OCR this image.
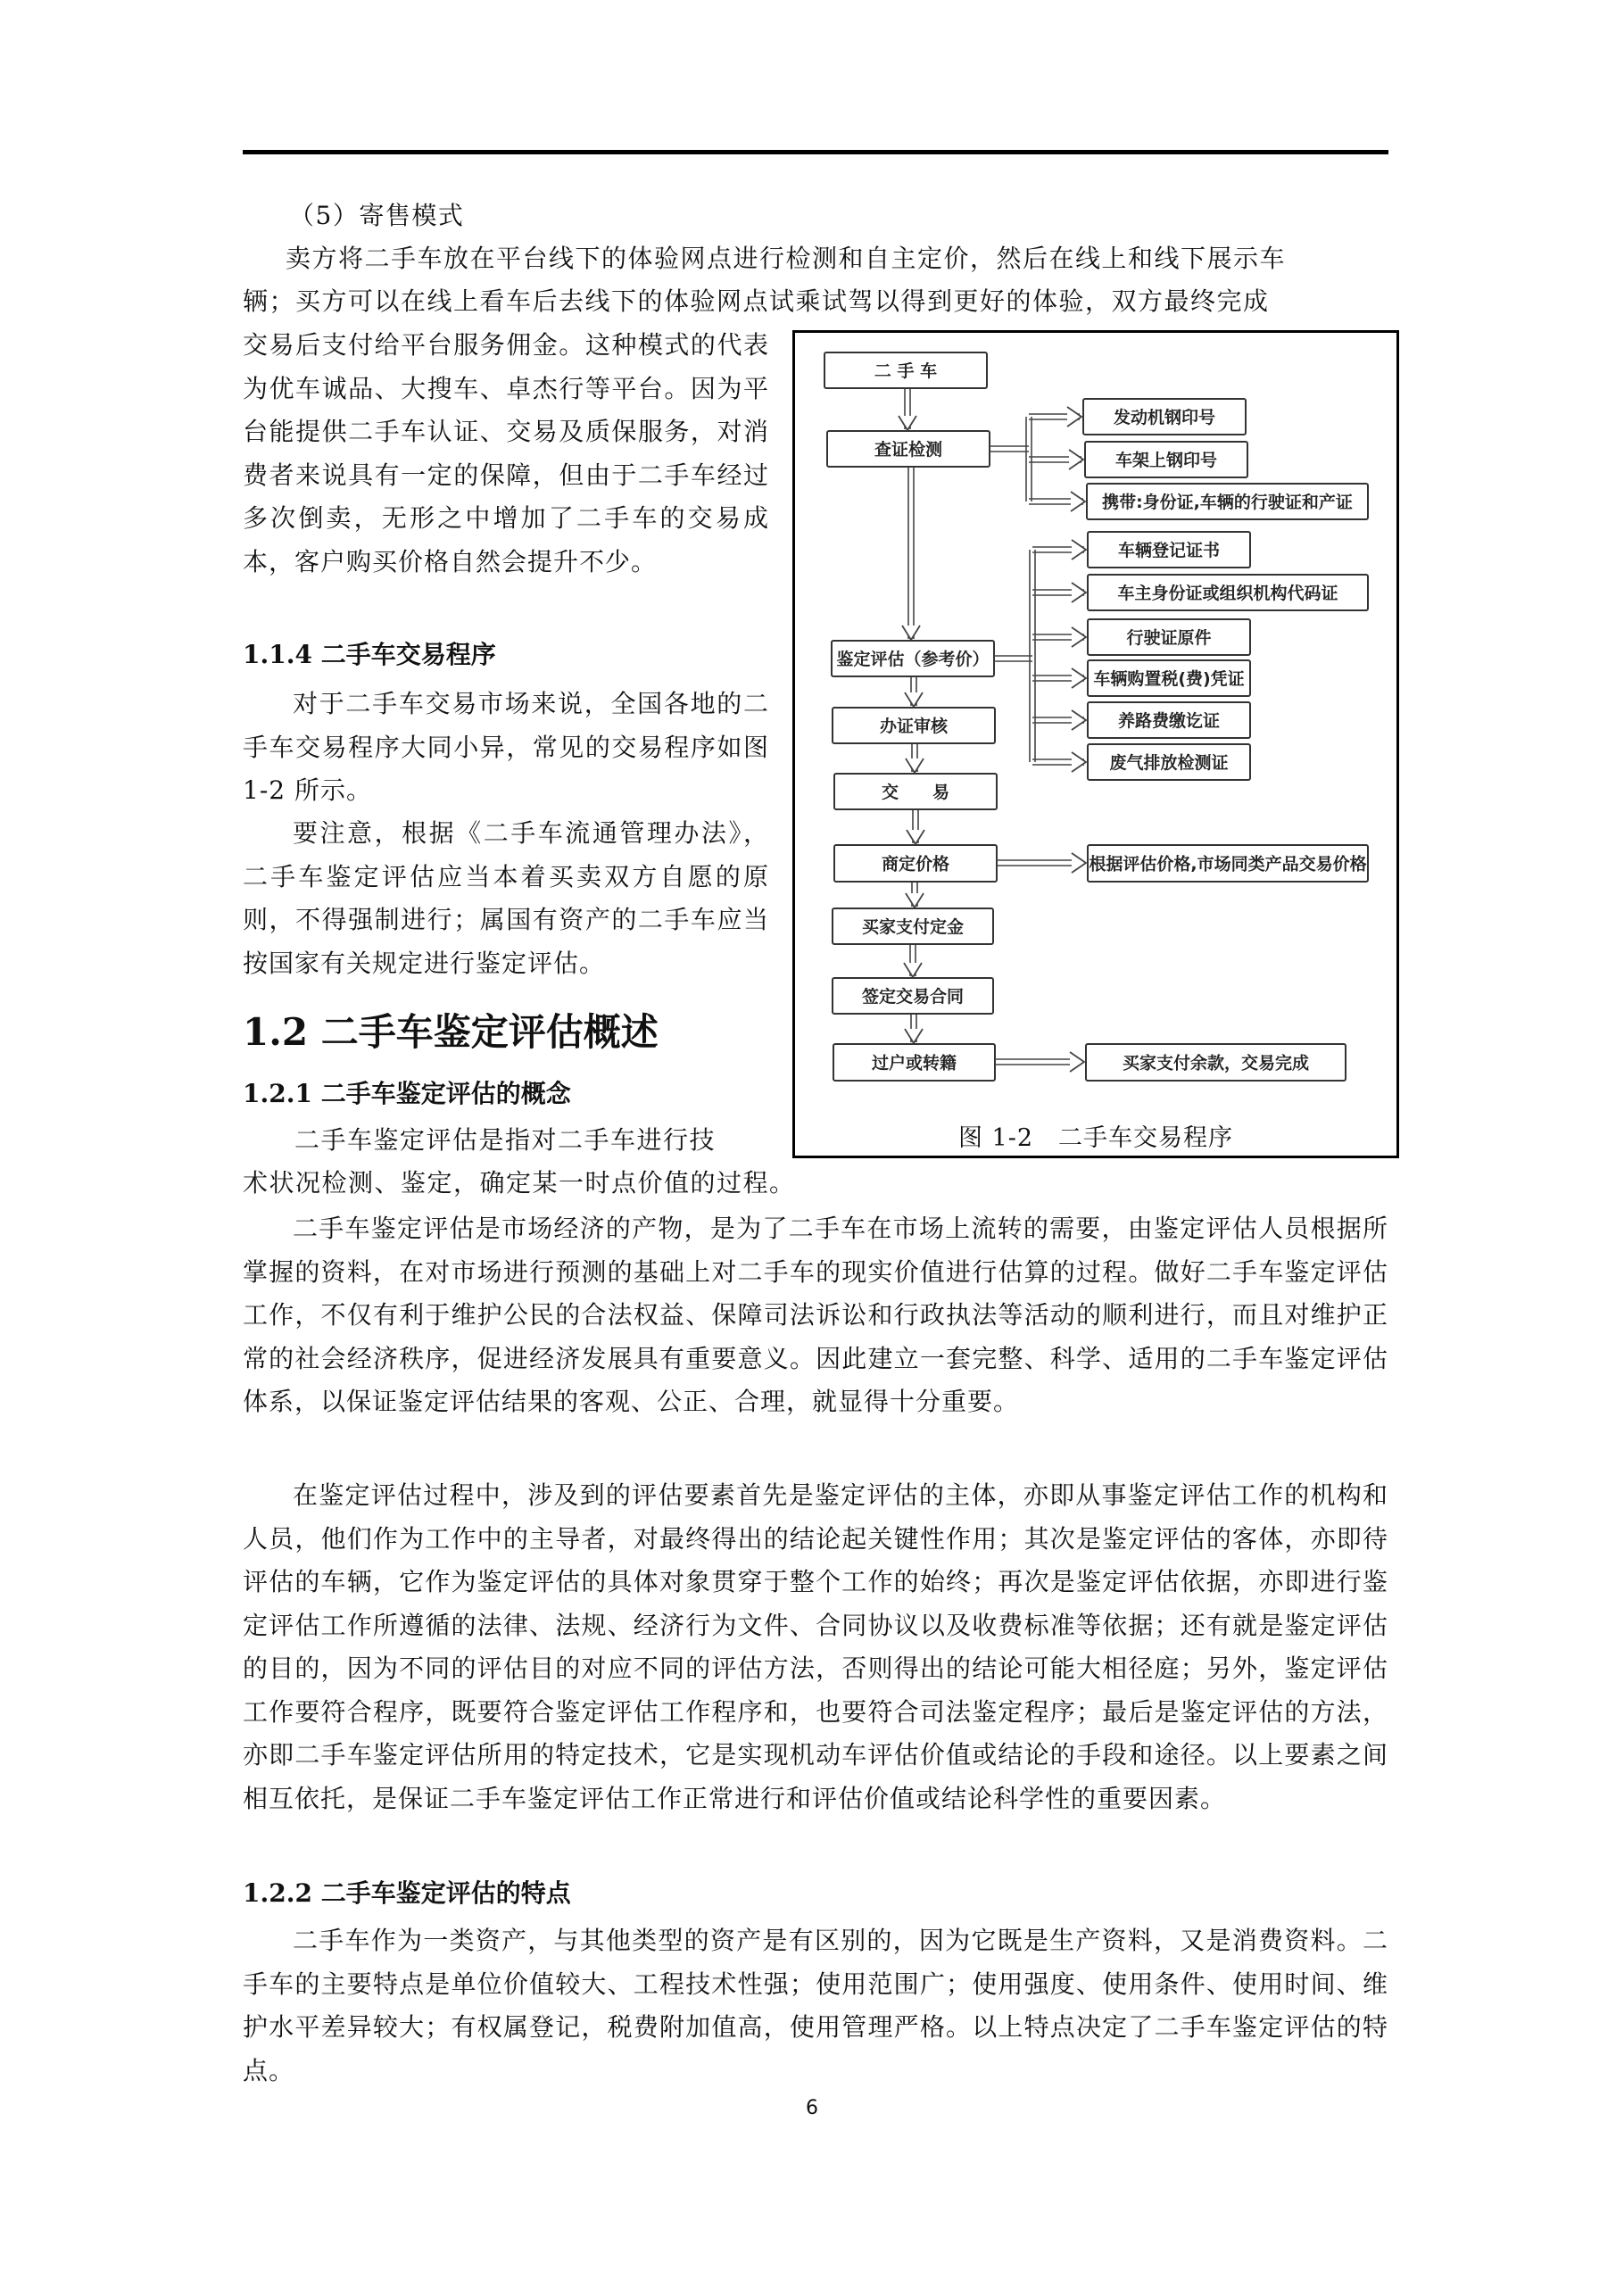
（5）寄售模式
卖方将二手车放在平台线下的体验网点进行检测和自主定价，然后在线上和线下展示车
辆；买方可以在线上看车后去线下的体验网点试乘试驾以得到更好的体验，双方最终完成
交易后支付给平台服务佣金。这种模式的代表为优车诚品、大搜车、卓杰行等平台。因为平台能提供二手车认证、交易及质保服务，对消费者来说具有一定的保障，但由于二手车经过多次倒卖，无形之中增加了二手车的交易成本，客户购买价格自然会提升不少。
1.1.4 二手车交易程序
对于二手车交易市场来说，全国各地的二手车交易程序大同小异，常见的交易程序如图 1-2 所示。
要注意，根据《二手车流通管理办法》，二手车鉴定评估应当本着买卖双方自愿的原则，不得强制进行；属国有资产的二手车应当按国家有关规定进行鉴定评估。
1.2 二手车鉴定评估概述
1.2.1 二手车鉴定评估的概念
二手车鉴定评估是指对二手车进行技
术状况检测、鉴定，确定某一时点价值的过程。
二手车鉴定评估是市场经济的产物，是为了二手车在市场上流转的需要，由鉴定评估人员根据所掌握的资料，在对市场进行预测的基础上对二手车的现实价值进行估算的过程。做好二手车鉴定评估工作，不仅有利于维护公民的合法权益、保障司法诉讼和行政执法等活动的顺利进行，而且对维护正常的社会经济秩序，促进经济发展具有重要意义。因此建立一套完整、科学、适用的二手车鉴定评估体系，以保证鉴定评估结果的客观、公正、合理，就显得十分重要。
在鉴定评估过程中，涉及到的评估要素首先是鉴定评估的主体，亦即从事鉴定评估工作的机构和人员，他们作为工作中的主导者，对最终得出的结论起关键性作用；其次是鉴定评估的客体，亦即待评估的车辆，它作为鉴定评估的具体对象贯穿于整个工作的始终；再次是鉴定评估依据，亦即进行鉴定评估工作所遵循的法律、法规、经济行为文件、合同协议以及收费标准等依据；还有就是鉴定评估的目的，因为不同的评估目的对应不同的评估方法，否则得出的结论可能大相径庭；另外，鉴定评估工作要符合程序，既要符合鉴定评估工作程序和，也要符合司法鉴定程序；最后是鉴定评估的方法，亦即二手车鉴定评估所用的特定技术，它是实现机动车评估价值或结论的手段和途径。以上要素之间相互依托，是保证二手车鉴定评估工作正常进行和评估价值或结论科学性的重要因素。
1.2.2 二手车鉴定评估的特点
二手车作为一类资产，与其他类型的资产是有区别的，因为它既是生产资料，又是消费资料。二手车的主要特点是单位价值较大、工程技术性强；使用范围广；使用强度、使用条件、使用时间、维护水平差异较大；有权属登记，税费附加值高，使用管理严格。以上特点决定了二手车鉴定评估的特点。
二 手 车
查证检测
鉴定评估（参考价）
办证审核
交　　易
商定价格
买家支付定金
签定交易合同
过户或转籍
发动机钢印号
车架上钢印号
携带:身份证,车辆的行驶证和产证
车辆登记证书
车主身份证或组织机构代码证
行驶证原件
车辆购置税(费)凭证
养路费缴讫证
废气排放检测证
根据评估价格,市场同类产品交易价格
买家支付余款，交易完成
图 1-2　二手车交易程序
6
